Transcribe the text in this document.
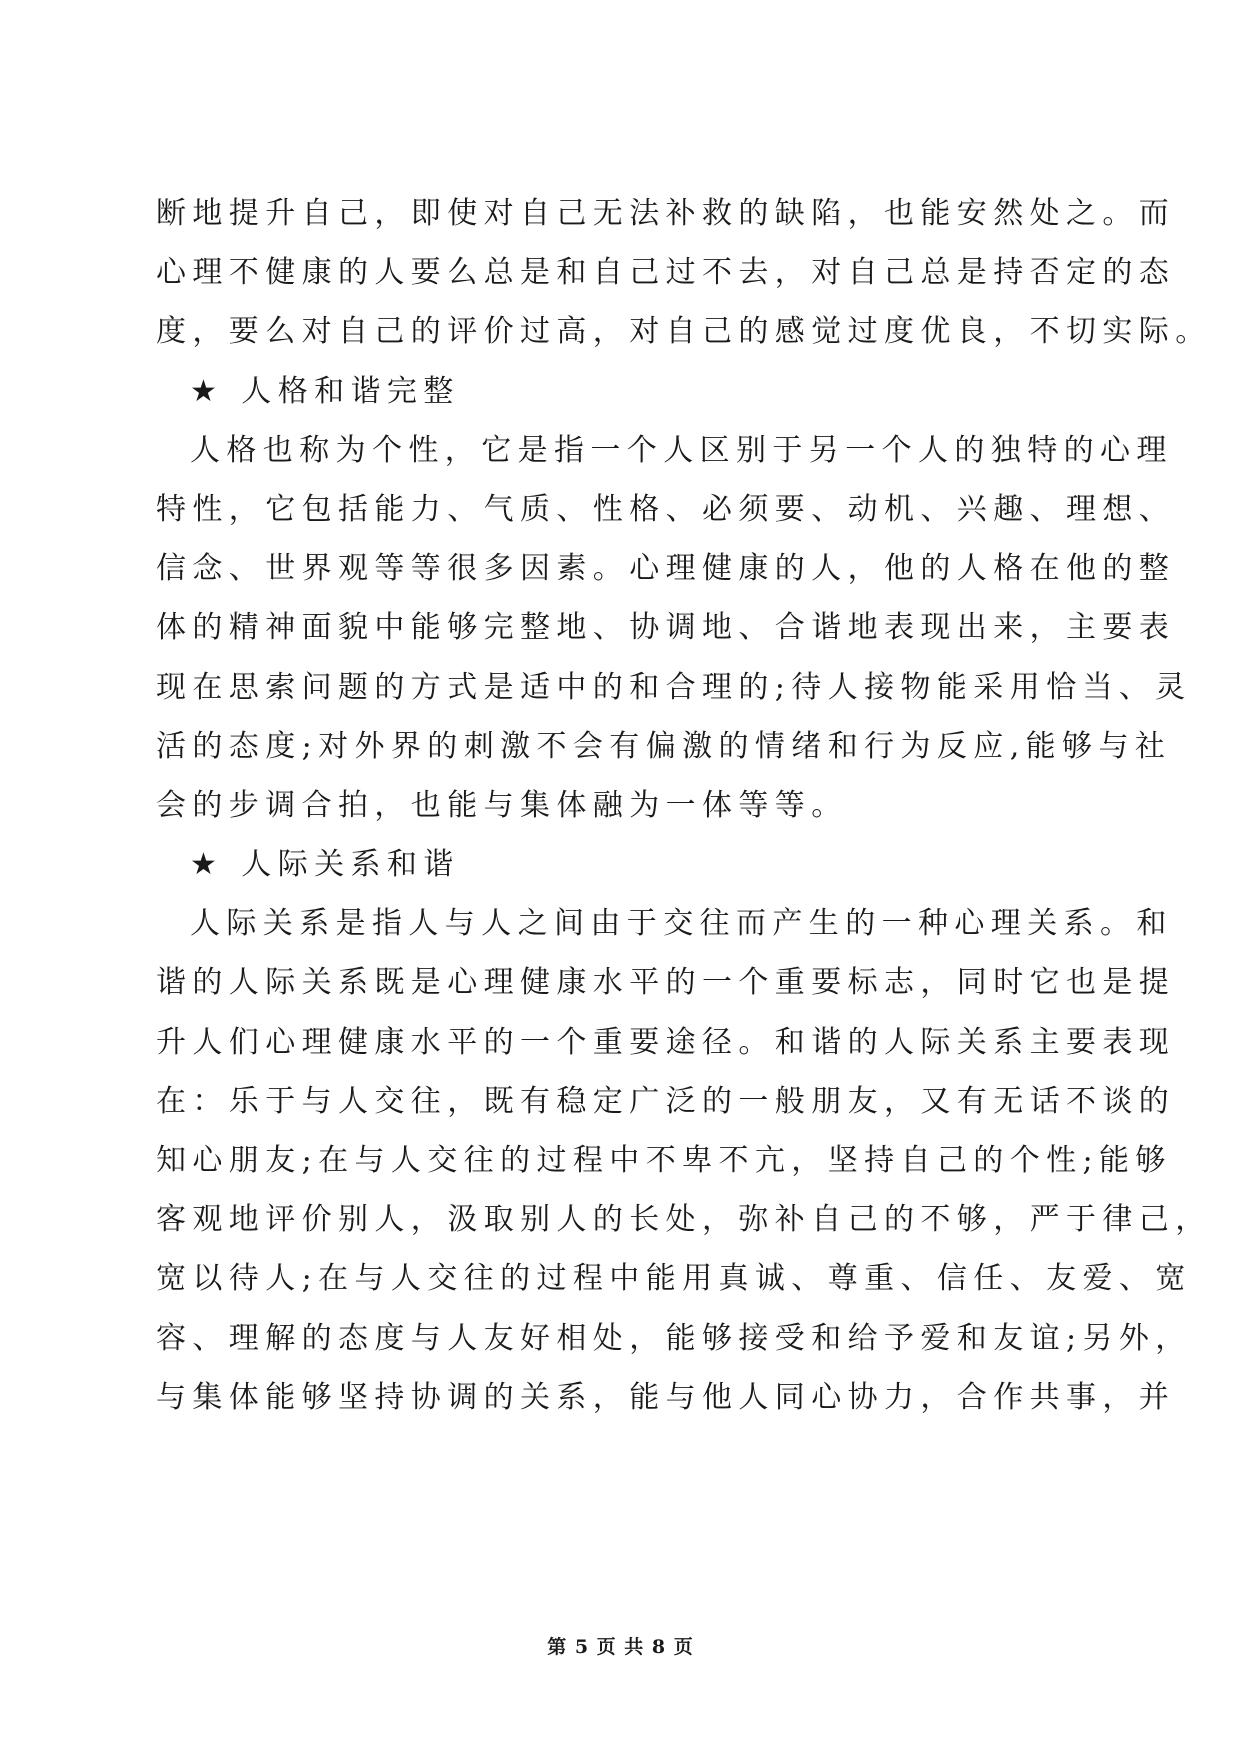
断地提升自己，即使对自己无法补救的缺陷，也能安然处之。而
心理不健康的人要么总是和自己过不去，对自己总是持否定的态
度，要么对自己的评价过高，对自己的感觉过度优良，不切实际。
★ 人格和谐完整
人格也称为个性，它是指一个人区别于另一个人的独特的心理
特性，它包括能力、气质、性格、必须要、动机、兴趣、理想、
信念、世界观等等很多因素。心理健康的人，他的人格在他的整
体的精神面貌中能够完整地、协调地、合谐地表现出来，主要表
现在思索问题的方式是适中的和合理的;待人接物能采用恰当、灵
活的态度;对外界的刺激不会有偏激的情绪和行为反应,能够与社
会的步调合拍，也能与集体融为一体等等。
★ 人际关系和谐
人际关系是指人与人之间由于交往而产生的一种心理关系。和
谐的人际关系既是心理健康水平的一个重要标志，同时它也是提
升人们心理健康水平的一个重要途径。和谐的人际关系主要表现
在：乐于与人交往，既有稳定广泛的一般朋友，又有无话不谈的
知心朋友;在与人交往的过程中不卑不亢，坚持自己的个性;能够
客观地评价别人，汲取别人的长处，弥补自己的不够，严于律己，
宽以待人;在与人交往的过程中能用真诚、尊重、信任、友爱、宽
容、理解的态度与人友好相处，能够接受和给予爱和友谊;另外，
与集体能够坚持协调的关系，能与他人同心协力，合作共事，并
第 5 页 共 8 页
